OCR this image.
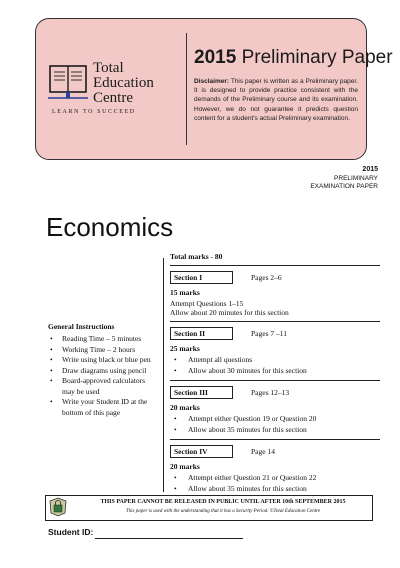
Total
Education
Centre
LEARN TO SUCCEED
2015 Preliminary Paper
Disclaimer: This paper is written as a Preliminary paper. It is designed to provide practice consistent with the demands of the Preliminary course and its examination. However, we do not guarantee it predicts question content for a student's actual Preliminary examination.
2015
PRELIMINARY
EXAMINATION PAPER
Economics
General Instructions
• Reading Time – 5 minutes
• Working Time – 2 hours
• Write using black or blue pen
• Draw diagrams using pencil
• Board-approved calculators may be used
• Write your Student ID at the bottom of this page
Total marks - 80
Section I	Pages 2–6
15 marks
Attempt Questions 1–15
Allow about 20 minutes for this section
Section II	Pages 7 –11
25 marks
• Attempt all questions
• Allow about 30 minutes for this section
Section III	Pages 12–13
20 marks
• Attempt either Question 19 or Question 20
• Allow about 35 minutes for this section
Section IV	Page 14
20 marks
• Attempt either Question 21 or Question 22
• Allow about 35 minutes for this section
THIS PAPER CANNOT BE RELEASED IN PUBLIC UNTIL AFTER 10th SEPTEMBER 2015
This paper is used with the understanding that it has a Security Period. ©Total Education Centre
Student ID:
